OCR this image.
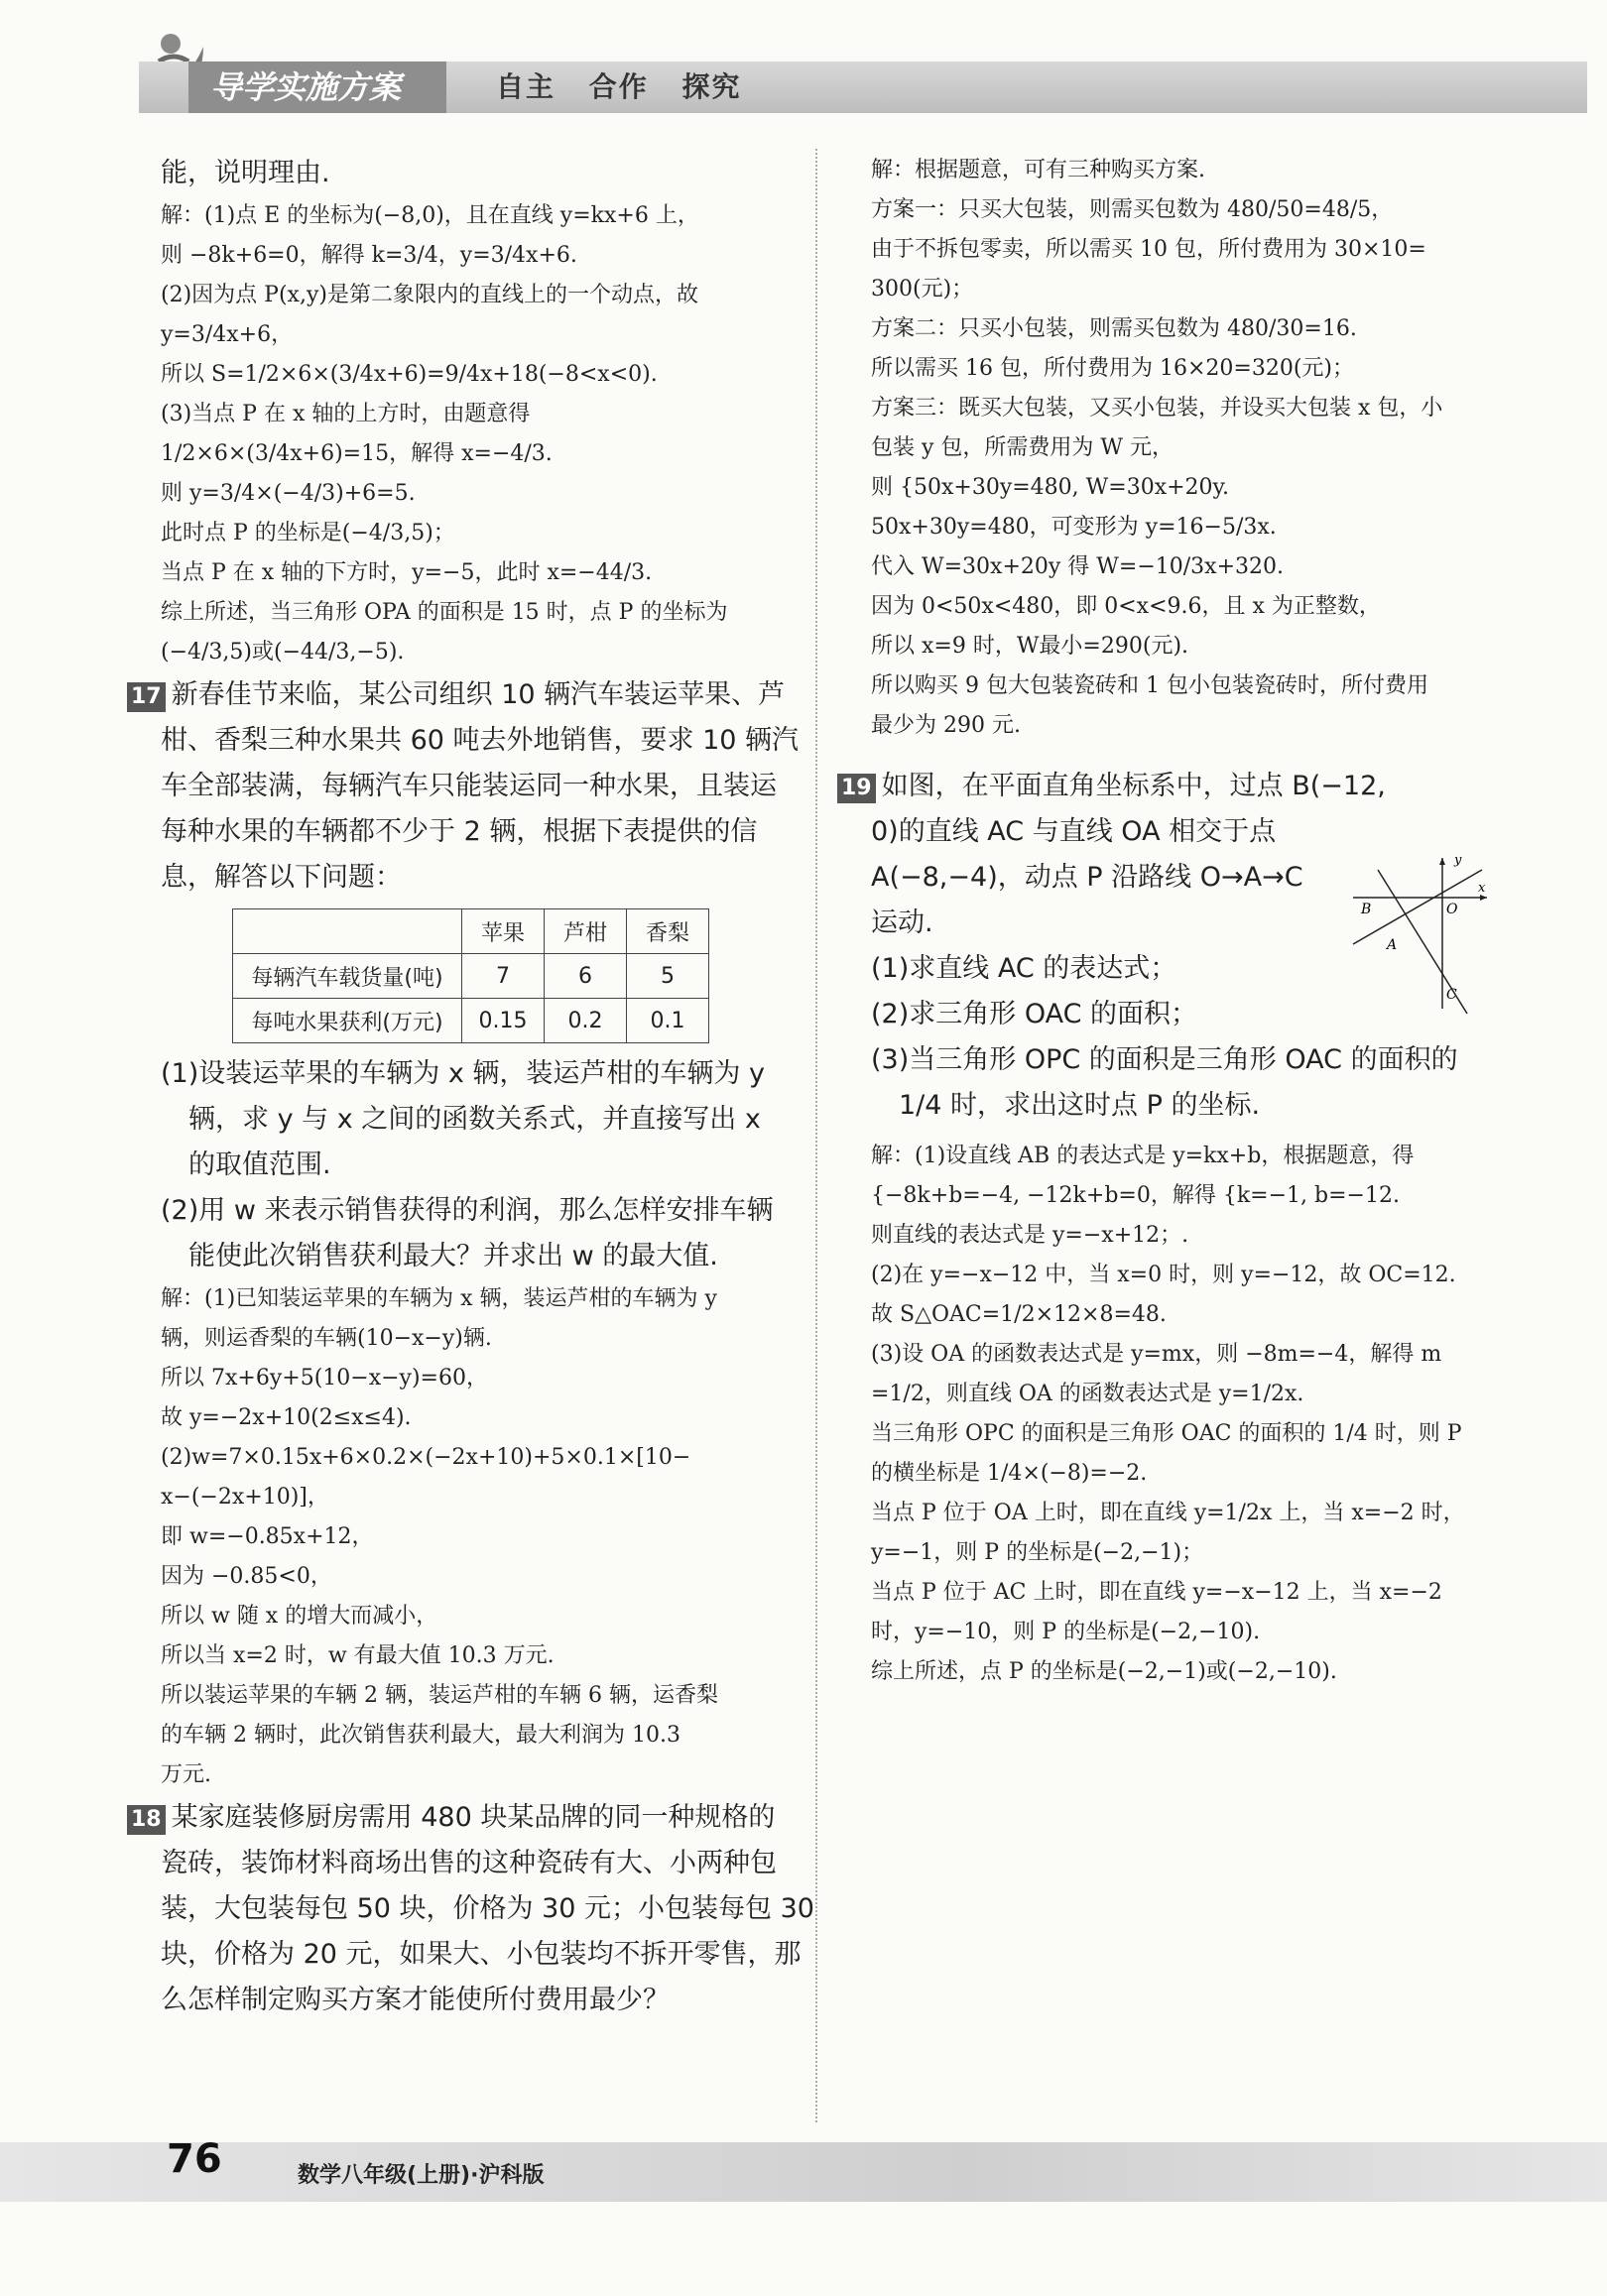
导学实施方案	自主 合作 探究
能，说明理由.
解：(1)点 E 的坐标为(−8,0)，且在直线 y=kx+6 上，
则 −8k+6=0，解得 k=3/4，y=3/4x+6.
(2)因为点 P(x,y)是第二象限内的直线上的一个动点，故
y=3/4x+6，
所以 S=1/2×6×(3/4x+6)=9/4x+18(−8<x<0).
(3)当点 P 在 x 轴的上方时，由题意得
1/2×6×(3/4x+6)=15，解得 x=−4/3.
则 y=3/4×(−4/3)+6=5.
此时点 P 的坐标是(−4/3,5)；
当点 P 在 x 轴的下方时，y=−5，此时 x=−44/3.
综上所述，当三角形 OPA 的面积是 15 时，点 P 的坐标为
(−4/3,5)或(−44/3,−5).
17 新春佳节来临，某公司组织 10 辆汽车装运苹果、芦
柑、香梨三种水果共 60 吨去外地销售，要求 10 辆汽
车全部装满，每辆汽车只能装运同一种水果，且装运
每种水果的车辆都不少于 2 辆，根据下表提供的信
息，解答以下问题：
	苹果	芦柑	香梨
每辆汽车载货量(吨)	7	6	5
每吨水果获利(万元)	0.15	0.2	0.1
(1)设装运苹果的车辆为 x 辆，装运芦柑的车辆为 y
辆，求 y 与 x 之间的函数关系式，并直接写出 x
的取值范围.
(2)用 w 来表示销售获得的利润，那么怎样安排车辆
能使此次销售获利最大？并求出 w 的最大值.
解：(1)已知装运苹果的车辆为 x 辆，装运芦柑的车辆为 y
辆，则运香梨的车辆(10−x−y)辆.
所以 7x+6y+5(10−x−y)=60，
故 y=−2x+10(2≤x≤4).
(2)w=7×0.15x+6×0.2×(−2x+10)+5×0.1×[10−
x−(−2x+10)]，
即 w=−0.85x+12，
因为 −0.85<0，
所以 w 随 x 的增大而减小，
所以当 x=2 时，w 有最大值 10.3 万元.
所以装运苹果的车辆 2 辆，装运芦柑的车辆 6 辆，运香梨
的车辆 2 辆时，此次销售获利最大，最大利润为 10.3
万元.
18 某家庭装修厨房需用 480 块某品牌的同一种规格的
瓷砖，装饰材料商场出售的这种瓷砖有大、小两种包
装，大包装每包 50 块，价格为 30 元；小包装每包 30
块，价格为 20 元，如果大、小包装均不拆开零售，那
么怎样制定购买方案才能使所付费用最少？
解：根据题意，可有三种购买方案.
方案一：只买大包装，则需买包数为 480/50=48/5，
由于不拆包零卖，所以需买 10 包，所付费用为 30×10=
300(元)；
方案二：只买小包装，则需买包数为 480/30=16.
所以需买 16 包，所付费用为 16×20=320(元)；
方案三：既买大包装，又买小包装，并设买大包装 x 包，小
包装 y 包，所需费用为 W 元，
则 {50x+30y=480, W=30x+20y.
50x+30y=480，可变形为 y=16−5/3x.
代入 W=30x+20y 得 W=−10/3x+320.
因为 0<50x<480，即 0<x<9.6，且 x 为正整数，
所以 x=9 时，W最小=290(元).
所以购买 9 包大包装瓷砖和 1 包小包装瓷砖时，所付费用
最少为 290 元.
19 如图，在平面直角坐标系中，过点 B(−12,
0)的直线 AC 与直线 OA 相交于点
A(−8,−4)，动点 P 沿路线 O→A→C
运动.
(1)求直线 AC 的表达式；
(2)求三角形 OAC 的面积；
(3)当三角形 OPC 的面积是三角形 OAC 的面积的
1/4 时，求出这时点 P 的坐标.
y
x
B	O
A
C
解：(1)设直线 AB 的表达式是 y=kx+b，根据题意，得
{−8k+b=−4, −12k+b=0，解得 {k=−1, b=−12.
则直线的表达式是 y=−x+12；.
(2)在 y=−x−12 中，当 x=0 时，则 y=−12，故 OC=12.
故 S△OAC=1/2×12×8=48.
(3)设 OA 的函数表达式是 y=mx，则 −8m=−4，解得 m
=1/2，则直线 OA 的函数表达式是 y=1/2x.
当三角形 OPC 的面积是三角形 OAC 的面积的 1/4 时，则 P
的横坐标是 1/4×(−8)=−2.
当点 P 位于 OA 上时，即在直线 y=1/2x 上，当 x=−2 时，
y=−1，则 P 的坐标是(−2,−1)；
当点 P 位于 AC 上时，即在直线 y=−x−12 上，当 x=−2
时，y=−10，则 P 的坐标是(−2,−10).
综上所述，点 P 的坐标是(−2,−1)或(−2,−10).
76	数学八年级(上册)·沪科版
